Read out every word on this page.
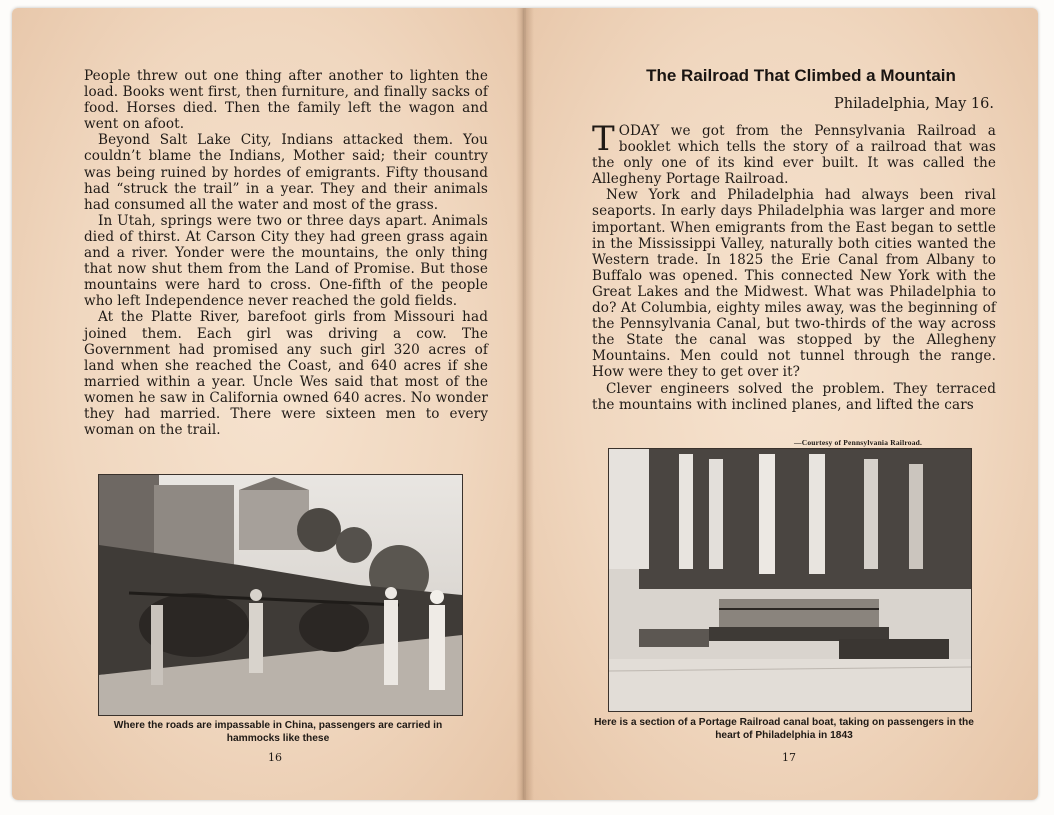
People threw out one thing after another to lighten the load. Books went first, then furniture, and finally sacks of food. Horses died. Then the family left the wagon and went on afoot.

Beyond Salt Lake City, Indians attacked them. You couldn’t blame the Indians, Mother said; their country was being ruined by hordes of emigrants. Fifty thousand had “struck the trail” in a year. They and their animals had consumed all the water and most of the grass.

In Utah, springs were two or three days apart. Animals died of thirst. At Carson City they had green grass again and a river. Yonder were the mountains, the only thing that now shut them from the Land of Promise. But those mountains were hard to cross. One-fifth of the people who left Independence never reached the gold fields.

At the Platte River, barefoot girls from Missouri had joined them. Each girl was driving a cow. The Government had promised any such girl 320 acres of land when she reached the Coast, and 640 acres if she married within a year. Uncle Wes said that most of the women he saw in California owned 640 acres. No wonder they had married. There were sixteen men to every woman on the trail.

Where the roads are impassable in China, passengers are carried in hammocks like these
16
The Railroad That Climbed a Mountain
Philadelphia, May 16.

TODAY we got from the Pennsylvania Railroad a booklet which tells the story of a railroad that was the only one of its kind ever built. It was called the Allegheny Portage Railroad.

New York and Philadelphia had always been rival seaports. In early days Philadelphia was larger and more important. When emigrants from the East began to settle in the Mississippi Valley, naturally both cities wanted the Western trade. In 1825 the Erie Canal from Albany to Buffalo was opened. This connected New York with the Great Lakes and the Midwest. What was Philadelphia to do? At Columbia, eighty miles away, was the beginning of the Pennsylvania Canal, but two-thirds of the way across the State the canal was stopped by the Allegheny Mountains. Men could not tunnel through the range. How were they to get over it?

Clever engineers solved the problem. They terraced the mountains with inclined planes, and lifted the cars

—Courtesy of Pennsylvania Railroad.
Here is a section of a Portage Railroad canal boat, taking on passengers in the heart of Philadelphia in 1843
17
